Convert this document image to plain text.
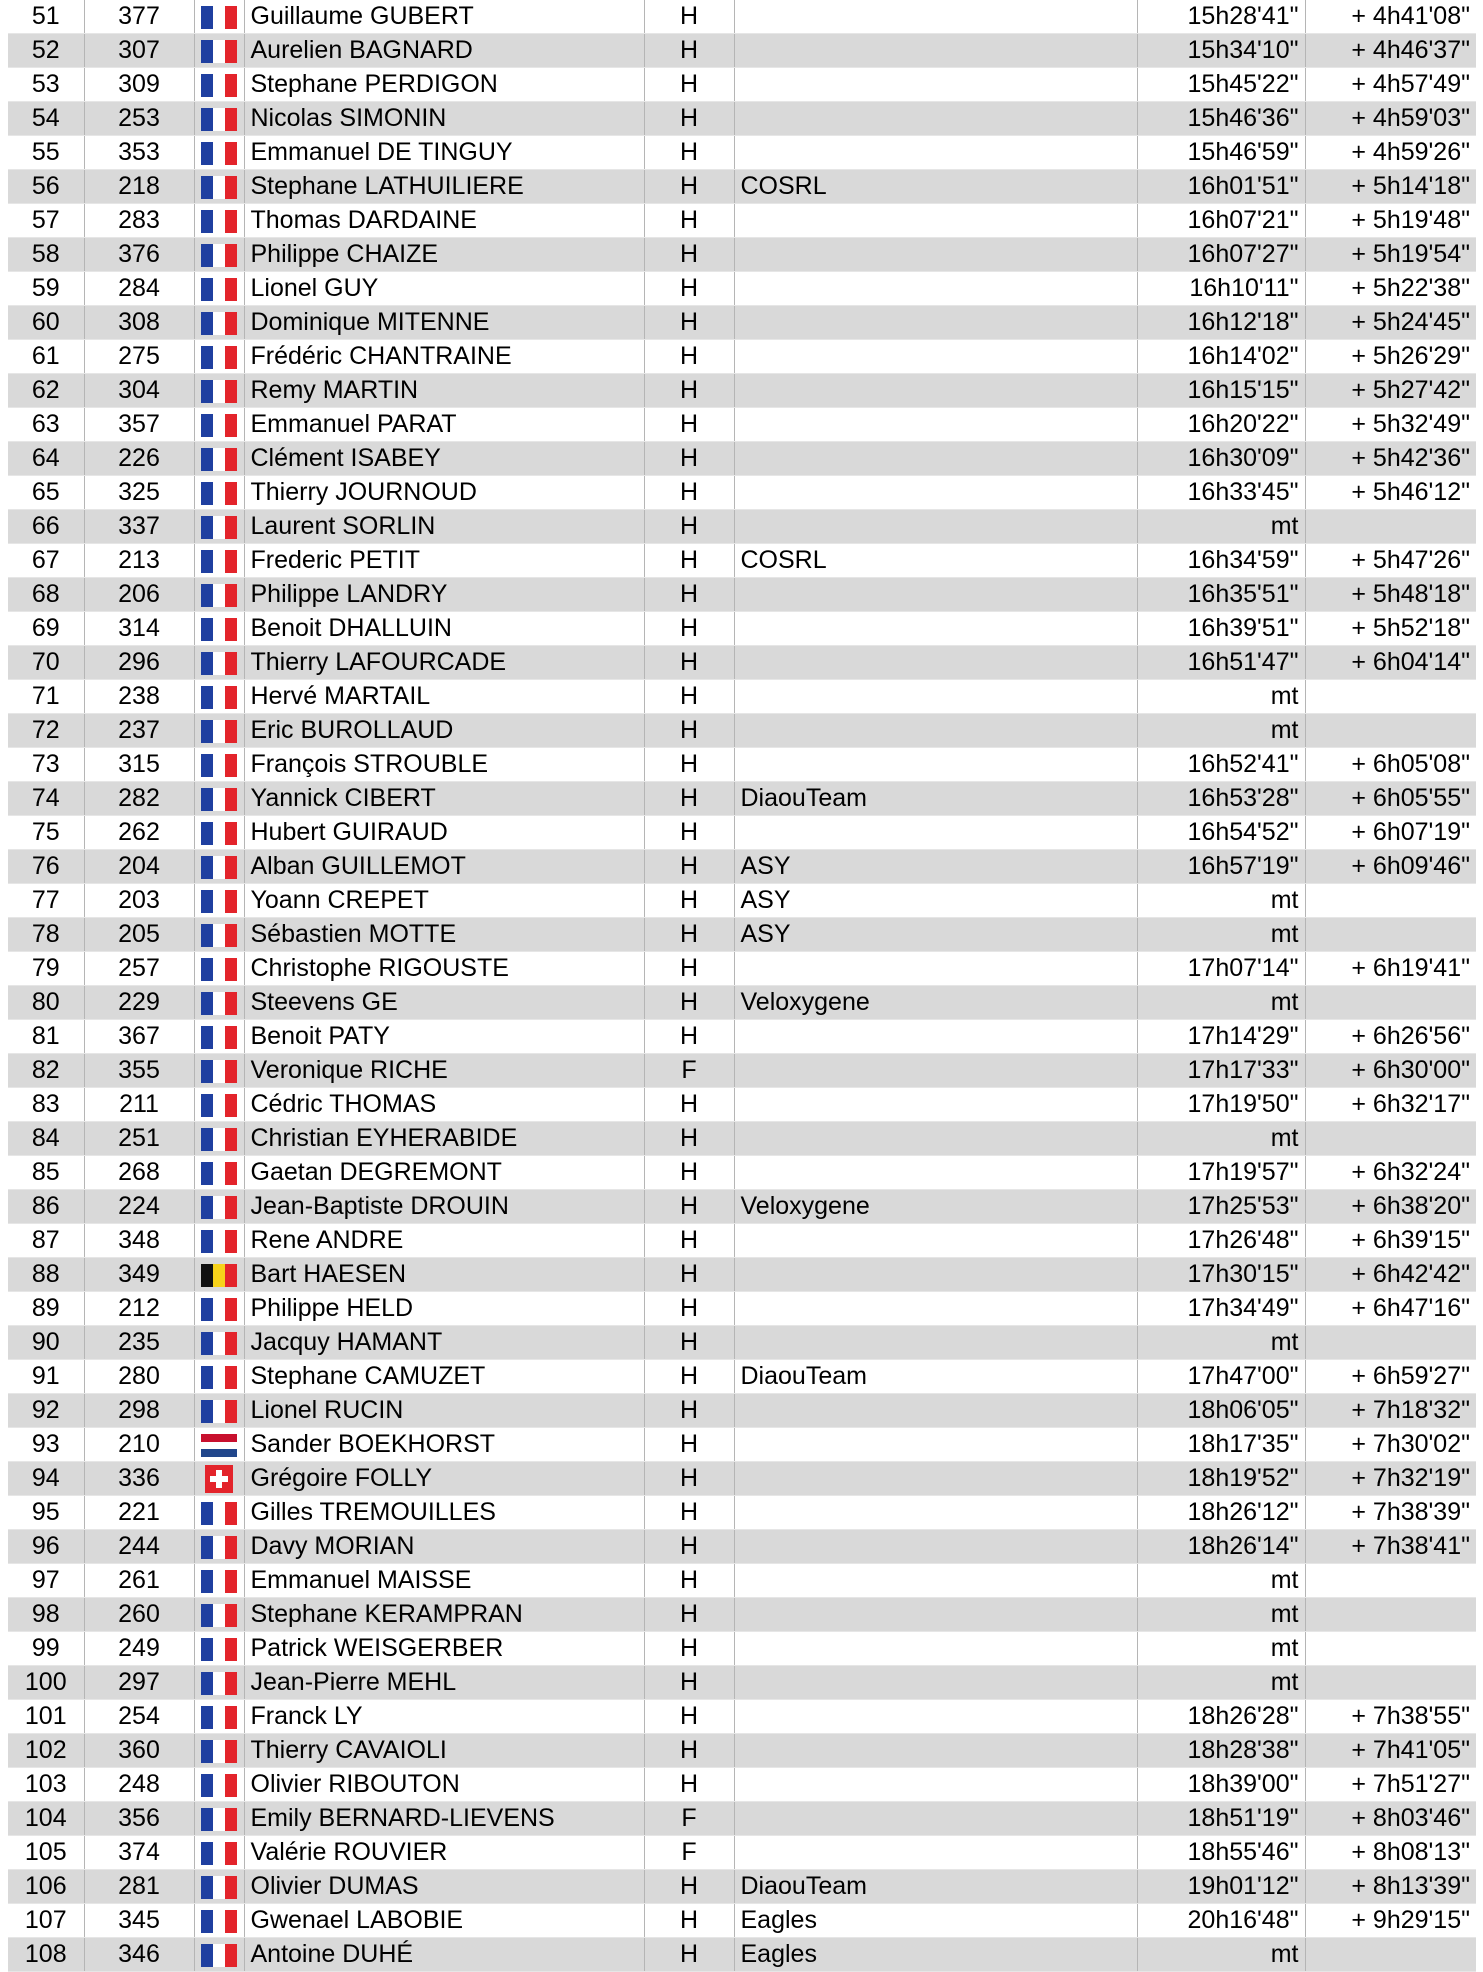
51	377		Guillaume GUBERT	H		15h28'41"	+ 4h41'08"
52	307		Aurelien BAGNARD	H		15h34'10"	+ 4h46'37"
53	309		Stephane PERDIGON	H		15h45'22"	+ 4h57'49"
54	253		Nicolas SIMONIN	H		15h46'36"	+ 4h59'03"
55	353		Emmanuel DE TINGUY	H		15h46'59"	+ 4h59'26"
56	218		Stephane LATHUILIERE	H	COSRL	16h01'51"	+ 5h14'18"
57	283		Thomas DARDAINE	H		16h07'21"	+ 5h19'48"
58	376		Philippe CHAIZE	H		16h07'27"	+ 5h19'54"
59	284		Lionel GUY	H		16h10'11"	+ 5h22'38"
60	308		Dominique MITENNE	H		16h12'18"	+ 5h24'45"
61	275		Frédéric CHANTRAINE	H		16h14'02"	+ 5h26'29"
62	304		Remy MARTIN	H		16h15'15"	+ 5h27'42"
63	357		Emmanuel PARAT	H		16h20'22"	+ 5h32'49"
64	226		Clément ISABEY	H		16h30'09"	+ 5h42'36"
65	325		Thierry JOURNOUD	H		16h33'45"	+ 5h46'12"
66	337		Laurent SORLIN	H		mt	
67	213		Frederic PETIT	H	COSRL	16h34'59"	+ 5h47'26"
68	206		Philippe LANDRY	H		16h35'51"	+ 5h48'18"
69	314		Benoit DHALLUIN	H		16h39'51"	+ 5h52'18"
70	296		Thierry LAFOURCADE	H		16h51'47"	+ 6h04'14"
71	238		Hervé MARTAIL	H		mt	
72	237		Eric BUROLLAUD	H		mt	
73	315		François STROUBLE	H		16h52'41"	+ 6h05'08"
74	282		Yannick CIBERT	H	DiaouTeam	16h53'28"	+ 6h05'55"
75	262		Hubert GUIRAUD	H		16h54'52"	+ 6h07'19"
76	204		Alban GUILLEMOT	H	ASY	16h57'19"	+ 6h09'46"
77	203		Yoann CREPET	H	ASY	mt	
78	205		Sébastien MOTTE	H	ASY	mt	
79	257		Christophe RIGOUSTE	H		17h07'14"	+ 6h19'41"
80	229		Steevens GE	H	Veloxygene	mt	
81	367		Benoit PATY	H		17h14'29"	+ 6h26'56"
82	355		Veronique RICHE	F		17h17'33"	+ 6h30'00"
83	211		Cédric THOMAS	H		17h19'50"	+ 6h32'17"
84	251		Christian EYHERABIDE	H		mt	
85	268		Gaetan DEGREMONT	H		17h19'57"	+ 6h32'24"
86	224		Jean-Baptiste DROUIN	H	Veloxygene	17h25'53"	+ 6h38'20"
87	348		Rene ANDRE	H		17h26'48"	+ 6h39'15"
88	349		Bart HAESEN	H		17h30'15"	+ 6h42'42"
89	212		Philippe HELD	H		17h34'49"	+ 6h47'16"
90	235		Jacquy HAMANT	H		mt	
91	280		Stephane CAMUZET	H	DiaouTeam	17h47'00"	+ 6h59'27"
92	298		Lionel RUCIN	H		18h06'05"	+ 7h18'32"
93	210		Sander BOEKHORST	H		18h17'35"	+ 7h30'02"
94	336		Grégoire FOLLY	H		18h19'52"	+ 7h32'19"
95	221		Gilles TREMOUILLES	H		18h26'12"	+ 7h38'39"
96	244		Davy MORIAN	H		18h26'14"	+ 7h38'41"
97	261		Emmanuel MAISSE	H		mt	
98	260		Stephane KERAMPRAN	H		mt	
99	249		Patrick WEISGERBER	H		mt	
100	297		Jean-Pierre MEHL	H		mt	
101	254		Franck LY	H		18h26'28"	+ 7h38'55"
102	360		Thierry CAVAIOLI	H		18h28'38"	+ 7h41'05"
103	248		Olivier RIBOUTON	H		18h39'00"	+ 7h51'27"
104	356		Emily BERNARD-LIEVENS	F		18h51'19"	+ 8h03'46"
105	374		Valérie ROUVIER	F		18h55'46"	+ 8h08'13"
106	281		Olivier DUMAS	H	DiaouTeam	19h01'12"	+ 8h13'39"
107	345		Gwenael LABOBIE	H	Eagles	20h16'48"	+ 9h29'15"
108	346		Antoine DUHÉ	H	Eagles	mt	
